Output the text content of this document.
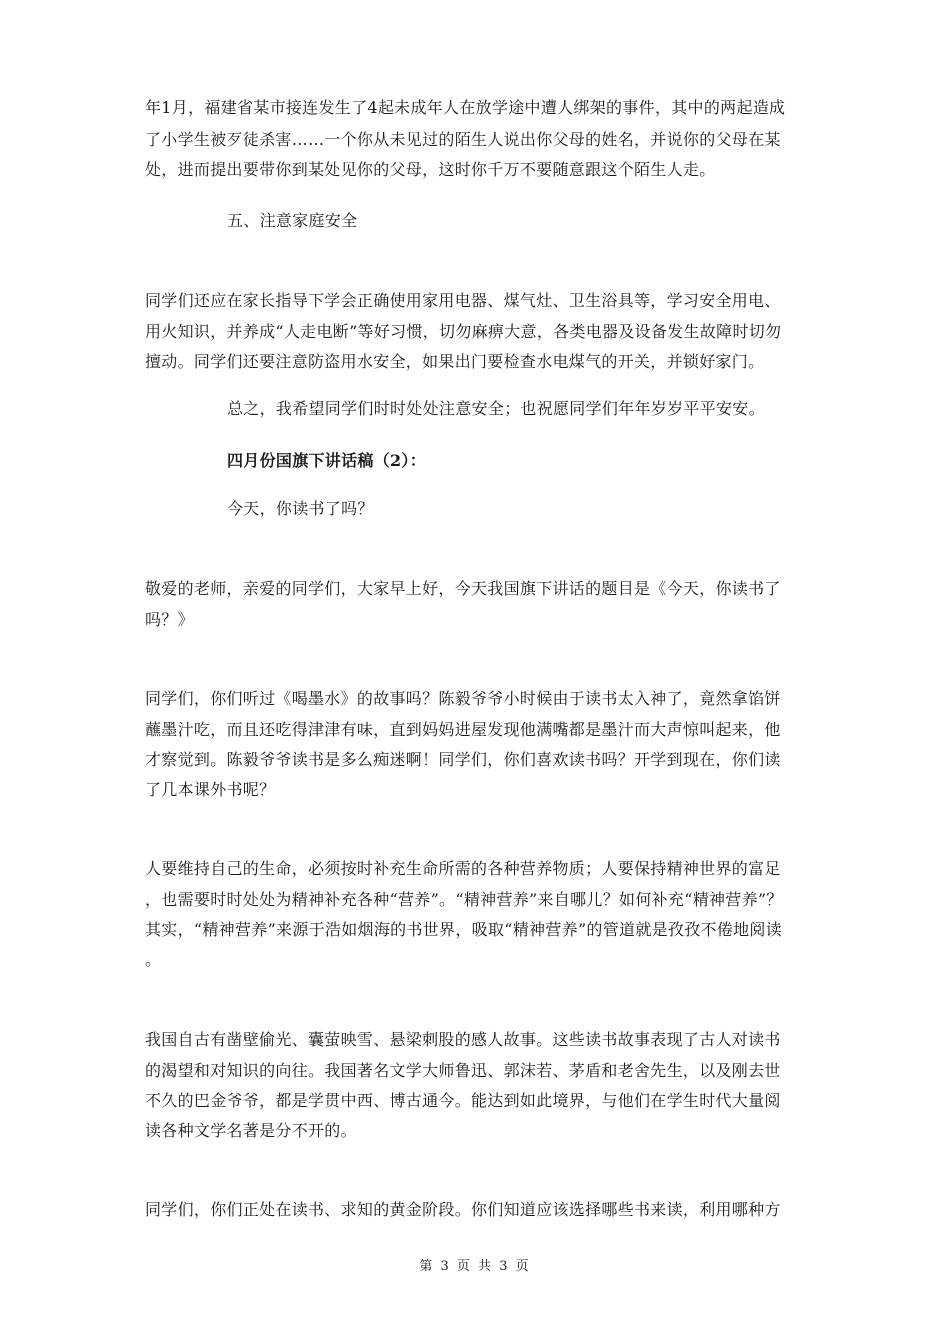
年1月，福建省某市接连发生了4起未成年人在放学途中遭人绑架的事件，其中的两起造成
了小学生被歹徒杀害……一个你从未见过的陌生人说出你父母的姓名，并说你的父母在某
处，进而提出要带你到某处见你的父母，这时你千万不要随意跟这个陌生人走。
五、注意家庭安全
同学们还应在家长指导下学会正确使用家用电器、煤气灶、卫生浴具等，学习安全用电、
用火知识，并养成“人走电断”等好习惯，切勿麻痹大意，各类电器及设备发生故障时切勿
擅动。同学们还要注意防盗用水安全，如果出门要检查水电煤气的开关，并锁好家门。
总之，我希望同学们时时处处注意安全；也祝愿同学们年年岁岁平平安安。
四月份国旗下讲话稿（2）：
今天，你读书了吗？
敬爱的老师，亲爱的同学们，大家早上好，今天我国旗下讲话的题目是《今天，你读书了
吗？》
同学们，你们听过《喝墨水》的故事吗？陈毅爷爷小时候由于读书太入神了，竟然拿馅饼
蘸墨汁吃，而且还吃得津津有味，直到妈妈进屋发现他满嘴都是墨汁而大声惊叫起来，他
才察觉到。陈毅爷爷读书是多么痴迷啊！同学们，你们喜欢读书吗？开学到现在，你们读
了几本课外书呢？
人要维持自己的生命，必须按时补充生命所需的各种营养物质；人要保持精神世界的富足
，也需要时时处处为精神补充各种“营养”。“精神营养”来自哪儿？如何补充“精神营养”？
其实，“精神营养”来源于浩如烟海的书世界，吸取“精神营养”的管道就是孜孜不倦地阅读
。
我国自古有凿壁偷光、囊萤映雪、悬梁刺股的感人故事。这些读书故事表现了古人对读书
的渴望和对知识的向往。我国著名文学大师鲁迅、郭沫若、茅盾和老舍先生，以及刚去世
不久的巴金爷爷，都是学贯中西、博古通今。能达到如此境界，与他们在学生时代大量阅
读各种文学名著是分不开的。
同学们，你们正处在读书、求知的黄金阶段。你们知道应该选择哪些书来读，利用哪种方
第 3 页 共 3 页
